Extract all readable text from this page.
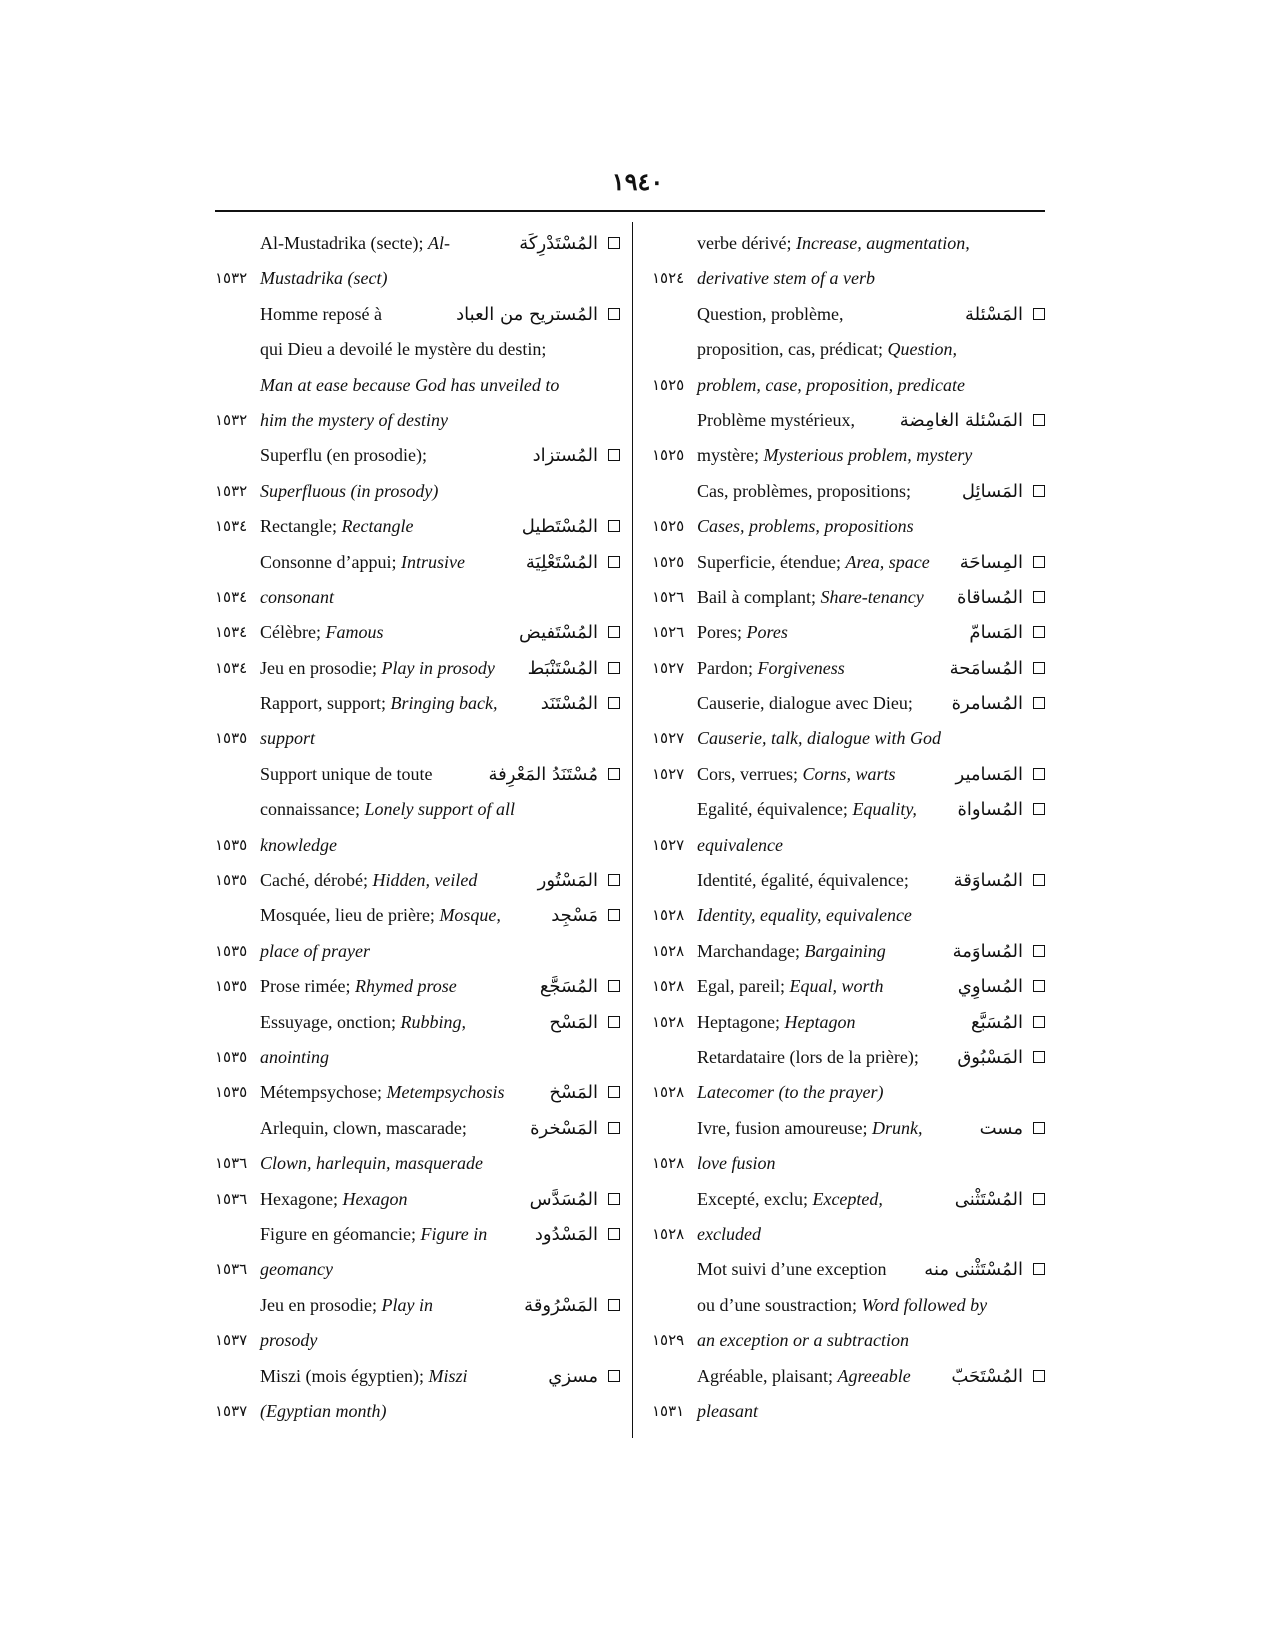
١٩٤٠
Al-Mustadrika (secte); Al-	المُسْتَدْرِكَة
١٥٣٢ Mustadrika (sect)
Homme reposé à	المُستريح من العباد
qui Dieu a devoilé le mystère du destin;
Man at ease because God has unveiled to
١٥٣٢ him the mystery of destiny
Superflu (en prosodie);	المُستزاد
١٥٣٢ Superfluous (in prosody)
١٥٣٤ Rectangle; Rectangle	المُسْتَطيل
Consonne d’appui; Intrusive	المُسْتَعْلِيَة
١٥٣٤ consonant
١٥٣٤ Célèbre; Famous	المُسْتَفيض
١٥٣٤ Jeu en prosodie; Play in prosody المُسْتَنْبَط
Rapport, support; Bringing back, المُسْتَنَد
١٥٣٥ support
Support unique de toute	مُسْتَنَدُ المَعْرِفة
connaissance; Lonely support of all
١٥٣٥ knowledge
١٥٣٥ Caché, dérobé; Hidden, veiled	المَسْتُور
Mosquée, lieu de prière; Mosque,	مَسْجِد
١٥٣٥ place of prayer
١٥٣٥ Prose rimée; Rhymed prose	المُسَجَّع
Essuyage, onction; Rubbing,	المَسْح
١٥٣٥ anointing
١٥٣٥ Métempsychose; Metempsychosis المَسْخ
Arlequin, clown, mascarade;	المَسْخرة
١٥٣٦ Clown, harlequin, masquerade
١٥٣٦ Hexagone; Hexagon	المُسَدَّس
Figure en géomancie; Figure in	المَسْدُود
١٥٣٦ geomancy
Jeu en prosodie; Play in	المَسْرُوقة
١٥٣٧ prosody
Miszi (mois égyptien); Miszi	مسزي
١٥٣٧ (Egyptian month)
verbe dérivé; Increase, augmentation,
١٥٢٤ derivative stem of a verb
Question, problème,	المَسْئلة
proposition, cas, prédicat; Question,
١٥٢٥ problem, case, proposition, predicate
Problème mystérieux, المَسْئلة الغامِضة
١٥٢٥ mystère; Mysterious problem, mystery
Cas, problèmes, propositions;	المَسائِل
١٥٢٥ Cases, problems, propositions
١٥٢٥ Superficie, étendue; Area, space المِساحَة
١٥٢٦ Bail à complant; Share-tenancy المُساقاة
١٥٢٦ Pores; Pores	المَسامّ
١٥٢٧ Pardon; Forgiveness	المُسامَحة
Causerie, dialogue avec Dieu; المُسامرة
١٥٢٧ Causerie, talk, dialogue with God
١٥٢٧ Cors, verrues; Corns, warts	المَسامير
Egalité, équivalence; Equality, المُساواة
١٥٢٧ equivalence
Identité, égalité, équivalence; المُساوَقة
١٥٢٨ Identity, equality, equivalence
١٥٢٨ Marchandage; Bargaining	المُساوَمة
١٥٢٨ Egal, pareil; Equal, worth	المُساوِي
١٥٢٨ Heptagone; Heptagon	المُسَبَّع
Retardataire (lors de la prière); المَسْبُوق
١٥٢٨ Latecomer (to the prayer)
Ivre, fusion amoureuse; Drunk,	مست
١٥٢٨ love fusion
Excepté, exclu; Excepted,	المُسْتَثْنى
١٥٢٨ excluded
Mot suivi d’une exception المُسْتَثْنى منه
ou d’une soustraction; Word followed by
١٥٢٩ an exception or a subtraction
Agréable, plaisant; Agreeable المُسْتَحَبّ
١٥٣١ pleasant
